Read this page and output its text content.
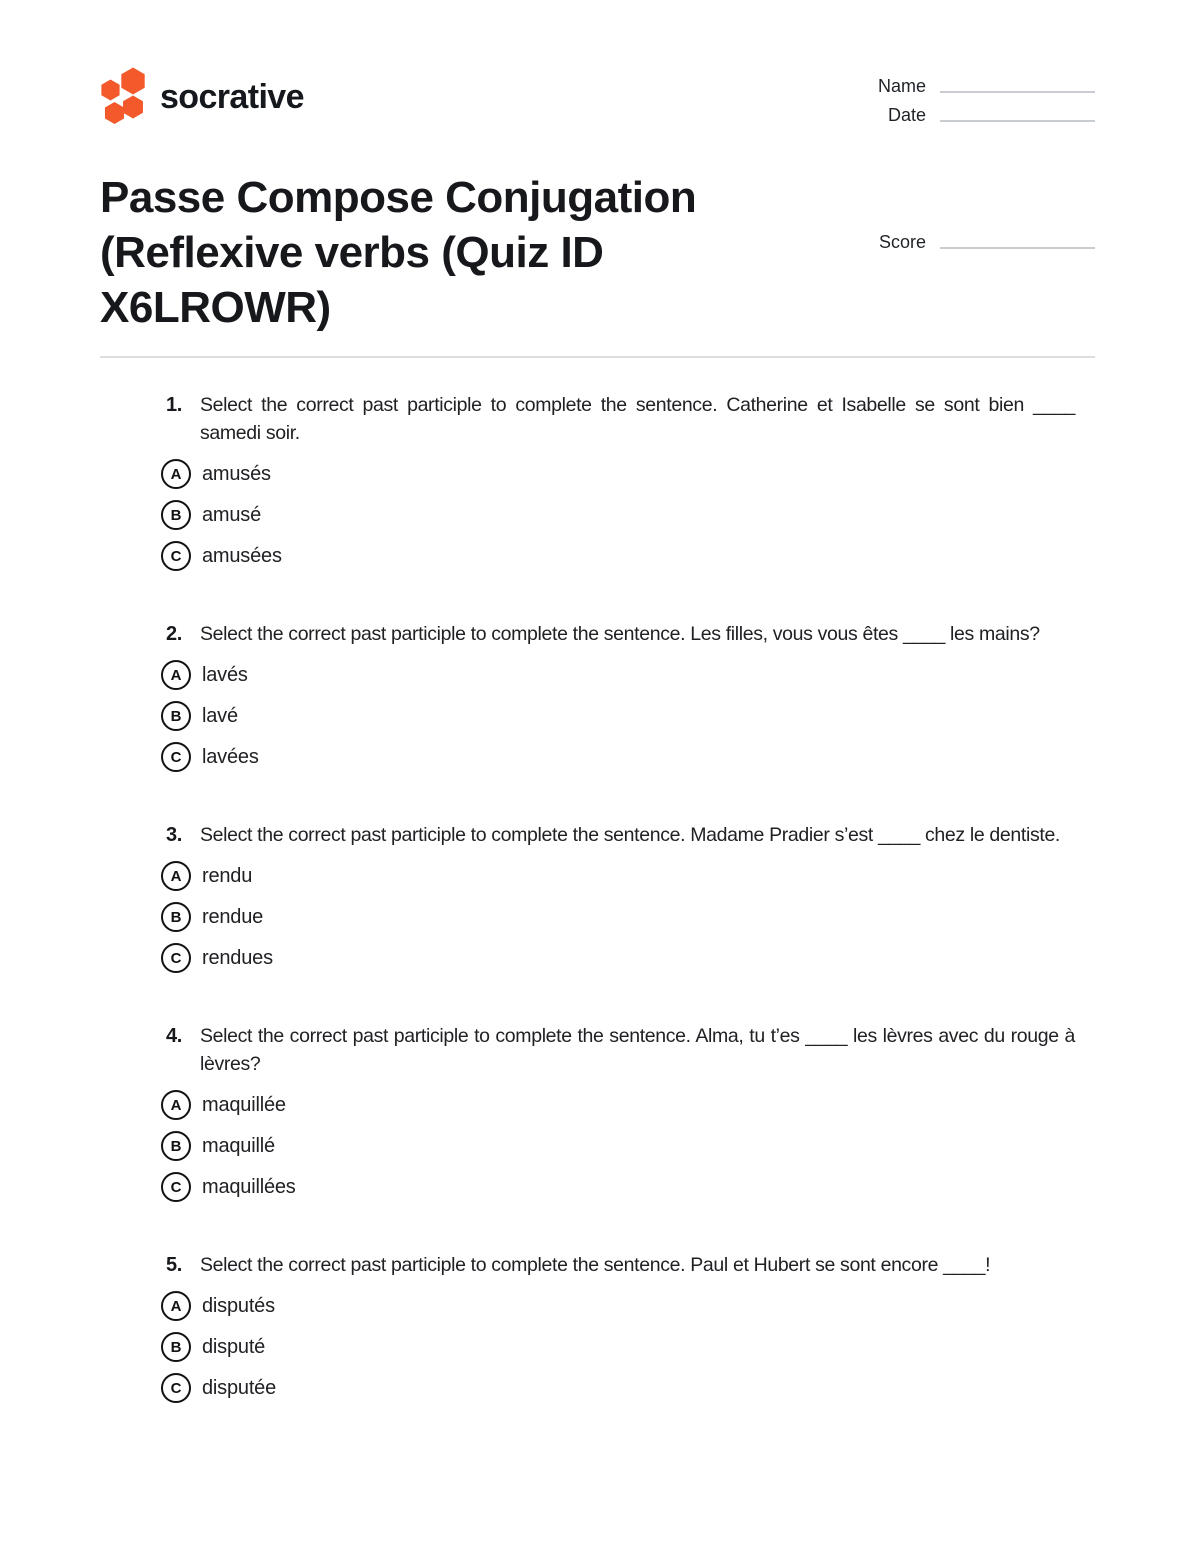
socrative	Name
Date
Passe Compose Conjugation (Reflexive verbs (Quiz ID X6LROWR)
Score

1. Select the correct past participle to complete the sentence. Catherine et Isabelle se sont bien ____ samedi soir.

A amusés
B amusé
C amusées

2. Select the correct past participle to complete the sentence. Les filles, vous vous êtes ____ les mains?

A lavés
B lavé
C lavées

3. Select the correct past participle to complete the sentence. Madame Pradier s’est ____ chez le dentiste.

A rendu
B rendue
C rendues

4. Select the correct past participle to complete the sentence. Alma, tu t’es ____ les lèvres avec du rouge à lèvres?

A maquillée
B maquillé
C maquillées

5. Select the correct past participle to complete the sentence. Paul et Hubert se sont encore ____!

A disputés
B disputé
C disputée
